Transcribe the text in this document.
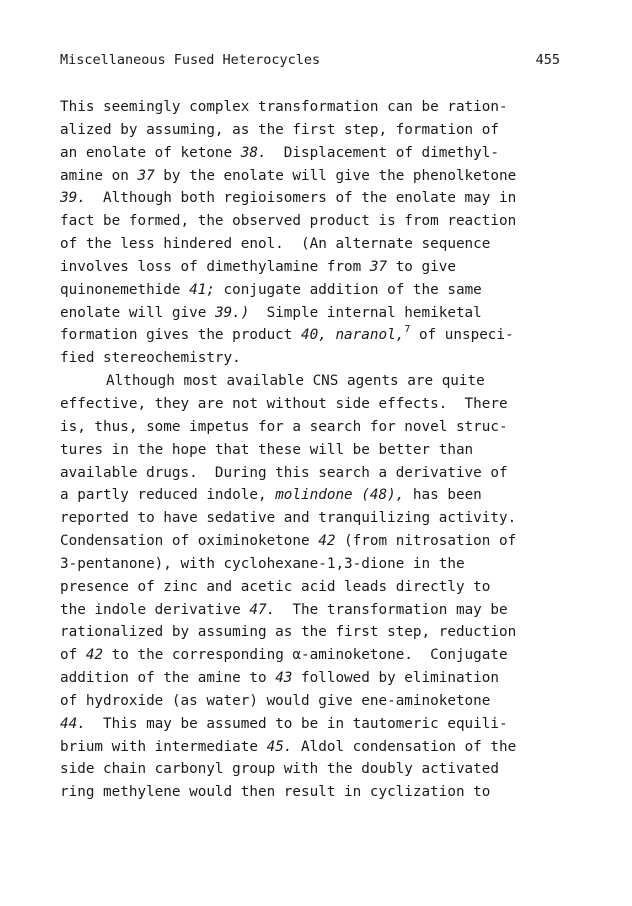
Miscellaneous Fused Heterocycles	455
This seemingly complex transformation can be ration-
alized by assuming, as the first step, formation of
an enolate of ketone 38.  Displacement of dimethyl-
amine on 37 by the enolate will give the phenolketone
39.  Although both regioisomers of the enolate may in
fact be formed, the observed product is from reaction
of the less hindered enol.  (An alternate sequence
involves loss of dimethylamine from 37 to give
quinonemethide 41; conjugate addition of the same
enolate will give 39.)  Simple internal hemiketal
formation gives the product 40, naranol,$^7$ of unspeci-
fied stereochemistry.
Although most available CNS agents are quite
effective, they are not without side effects.  There
is, thus, some impetus for a search for novel struc-
tures in the hope that these will be better than
available drugs.  During this search a derivative of
a partly reduced indole, molindone (48), has been
reported to have sedative and tranquilizing activity.
Condensation of oximinoketone 42 (from nitrosation of
3-pentanone), with cyclohexane-1,3-dione in the
presence of zinc and acetic acid leads directly to
the indole derivative 47.  The transformation may be
rationalized by assuming as the first step, reduction
of 42 to the corresponding α-aminoketone.  Conjugate
addition of the amine to 43 followed by elimination
of hydroxide (as water) would give ene-aminoketone
44.  This may be assumed to be in tautomeric equili-
brium with intermediate 45. Aldol condensation of the
side chain carbonyl group with the doubly activated
ring methylene would then result in cyclization to
